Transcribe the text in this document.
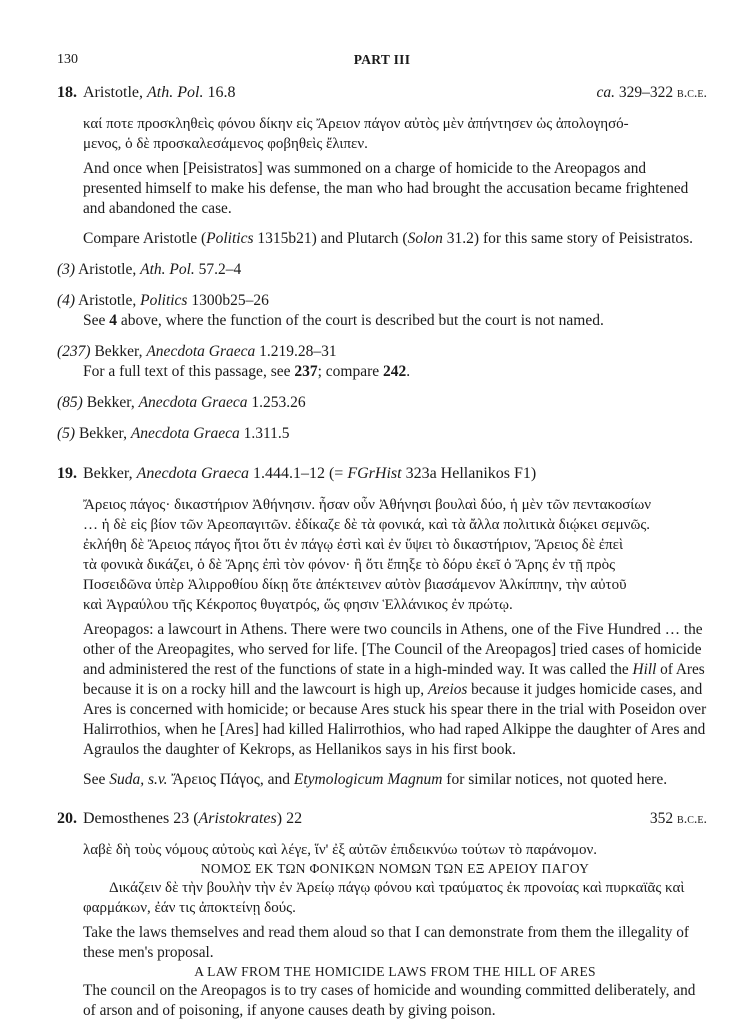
130	PART III
18. Aristotle, Ath. Pol. 16.8	ca. 329–322 b.c.e.
καί ποτε προσκληθεὶς φόνου δίκην εἰς Ἄρειον πάγον αὐτὸς μὲν ἀπήντησεν ὡς ἀπολογησό-
μενος, ὁ δὲ προσκαλεσάμενος φοβηθεὶς ἔλιπεν.
And once when [Peisistratos] was summoned on a charge of homicide to the Areopagos and presented himself to make his defense, the man who had brought the accusation became frightened and abandoned the case.
Compare Aristotle (Politics 1315b21) and Plutarch (Solon 31.2) for this same story of Peisistratos.
(3) Aristotle, Ath. Pol. 57.2–4
(4) Aristotle, Politics 1300b25–26
See 4 above, where the function of the court is described but the court is not named.
(237) Bekker, Anecdota Graeca 1.219.28–31
For a full text of this passage, see 237; compare 242.
(85) Bekker, Anecdota Graeca 1.253.26
(5) Bekker, Anecdota Graeca 1.311.5
19. Bekker, Anecdota Graeca 1.444.1–12 (= FGrHist 323a Hellanikos F1)
Ἄρειος πάγος· δικαστήριον Ἀθήνησιν. ἦσαν οὖν Ἀθήνησι βουλαὶ δύο, ἡ μὲν τῶν πεντακοσίων
… ἡ δὲ εἰς βίον τῶν Ἀρεοπαγιτῶν. ἐδίκαζε δὲ τὰ φονικά, καὶ τὰ ἄλλα πολιτικὰ διῴκει σεμνῶς.
ἐκλήθη δὲ Ἄρειος πάγος ἤτοι ὅτι ἐν πάγῳ ἐστὶ καὶ ἐν ὕψει τὸ δικαστήριον, Ἄρειος δὲ ἐπεὶ
τὰ φονικὰ δικάζει, ὁ δὲ Ἄρης ἐπὶ τὸν φόνον· ἢ ὅτι ἔπηξε τὸ δόρυ ἐκεῖ ὁ Ἄρης ἐν τῇ πρὸς
Ποσειδῶνα ὑπὲρ Ἁλιρροθίου δίκῃ ὅτε ἀπέκτεινεν αὐτὸν βιασάμενον Ἀλκίππην, τὴν αὐτοῦ
καὶ Ἀγραύλου τῆς Κέκροπος θυγατρός, ὥς φησιν Ἑλλάνικος ἐν πρώτῳ.
Areopagos: a lawcourt in Athens. There were two councils in Athens, one of the Five Hundred … the other of the Areopagites, who served for life. [The Council of the Areopagos] tried cases of homicide and administered the rest of the functions of state in a high-minded way. It was called the Hill of Ares because it is on a rocky hill and the lawcourt is high up, Areios because it judges homicide cases, and Ares is concerned with homicide; or because Ares stuck his spear there in the trial with Poseidon over Halirrothios, when he [Ares] had killed Halirrothios, who had raped Alkippe the daughter of Ares and Agraulos the daughter of Kekrops, as Hellanikos says in his first book.
See Suda, s.v. Ἄρειος Πάγος, and Etymologicum Magnum for similar notices, not quoted here.
20. Demosthenes 23 (Aristokrates) 22	352 b.c.e.
λαβὲ δὴ τοὺς νόμους αὐτοὺς καὶ λέγε, ἵν' ἐξ αὐτῶν ἐπιδεικνύω τούτων τὸ παράνομον.
ΝΟΜΟΣ ΕΚ ΤΩΝ ΦΟΝΙΚΩΝ ΝΟΜΩΝ ΤΩΝ ΕΞ ΑΡΕΙΟΥ ΠΑΓΟΥ
Δικάζειν δὲ τὴν βουλὴν τὴν ἐν Ἀρείῳ πάγῳ φόνου καὶ τραύματος ἐκ προνοίας καὶ πυρκαϊᾶς καὶ φαρμάκων, ἐάν τις ἀποκτείνῃ δούς.
Take the laws themselves and read them aloud so that I can demonstrate from them the illegality of these men's proposal.
A LAW FROM THE HOMICIDE LAWS FROM THE HILL OF ARES
The council on the Areopagos is to try cases of homicide and wounding committed deliberately, and of arson and of poisoning, if anyone causes death by giving poison.
